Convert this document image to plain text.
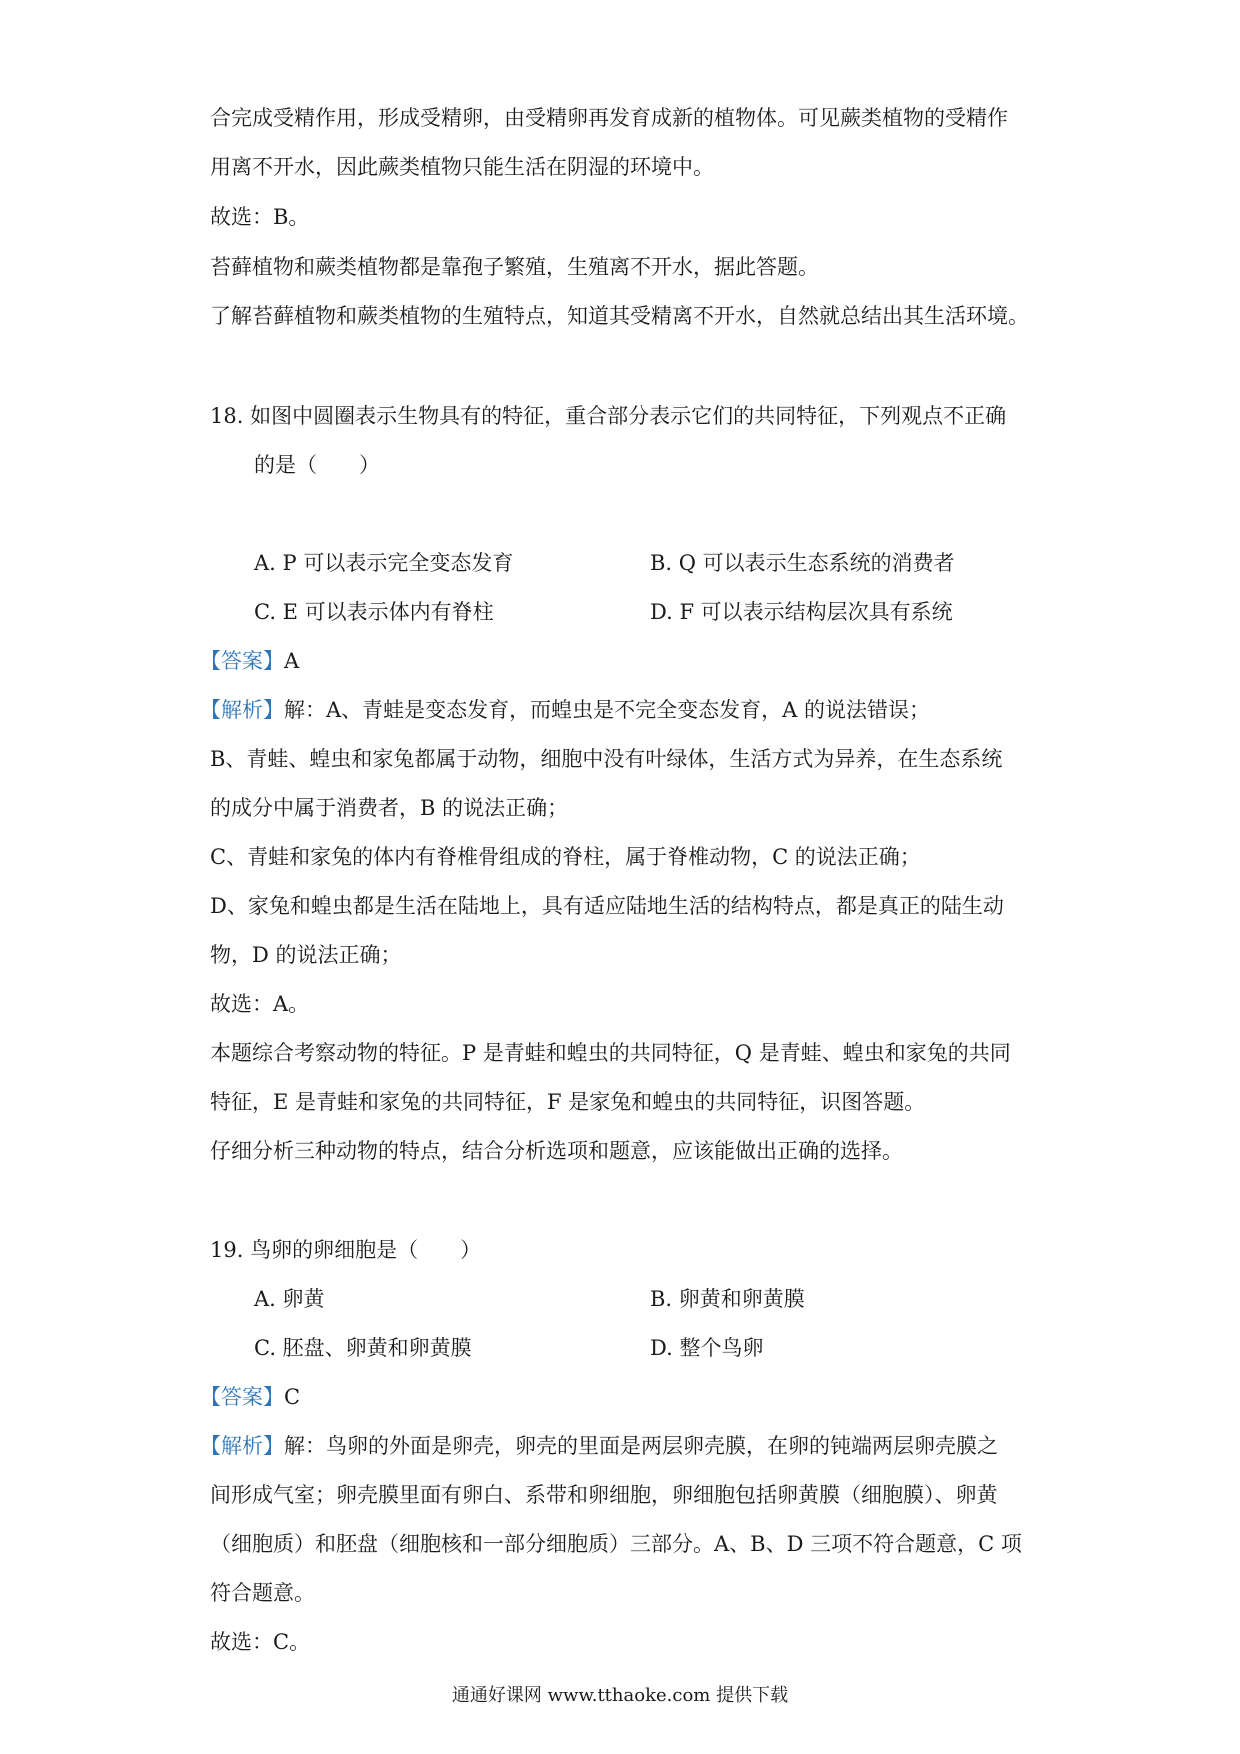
合完成受精作用，形成受精卵，由受精卵再发育成新的植物体。可见蕨类植物的受精作
用离不开水，因此蕨类植物只能生活在阴湿的环境中。
故选：B。
苔藓植物和蕨类植物都是靠孢子繁殖，生殖离不开水，据此答题。
了解苔藓植物和蕨类植物的生殖特点，知道其受精离不开水，自然就总结出其生活环境。
18. 如图中圆圈表示生物具有的特征，重合部分表示它们的共同特征，下列观点不正确
的是（　　）
A. P 可以表示完全变态发育	B. Q 可以表示生态系统的消费者
C. E 可以表示体内有脊柱	D. F 可以表示结构层次具有系统
【答案】A
【解析】解：A、青蛙是变态发育，而蝗虫是不完全变态发育，A 的说法错误；
B、青蛙、蝗虫和家兔都属于动物，细胞中没有叶绿体，生活方式为异养，在生态系统
的成分中属于消费者，B 的说法正确；
C、青蛙和家兔的体内有脊椎骨组成的脊柱，属于脊椎动物，C 的说法正确；
D、家兔和蝗虫都是生活在陆地上，具有适应陆地生活的结构特点，都是真正的陆生动
物，D 的说法正确；
故选：A。
本题综合考察动物的特征。P 是青蛙和蝗虫的共同特征，Q 是青蛙、蝗虫和家兔的共同
特征，E 是青蛙和家兔的共同特征，F 是家兔和蝗虫的共同特征，识图答题。
仔细分析三种动物的特点，结合分析选项和题意，应该能做出正确的选择。
19. 鸟卵的卵细胞是（　　）
A. 卵黄	B. 卵黄和卵黄膜
C. 胚盘、卵黄和卵黄膜	D. 整个鸟卵
【答案】C
【解析】解：鸟卵的外面是卵壳，卵壳的里面是两层卵壳膜，在卵的钝端两层卵壳膜之
间形成气室；卵壳膜里面有卵白、系带和卵细胞，卵细胞包括卵黄膜（细胞膜）、卵黄
（细胞质）和胚盘（细胞核和一部分细胞质）三部分。A、B、D 三项不符合题意，C 项
符合题意。
故选：C。
通通好课网 www.tthaoke.com 提供下载
